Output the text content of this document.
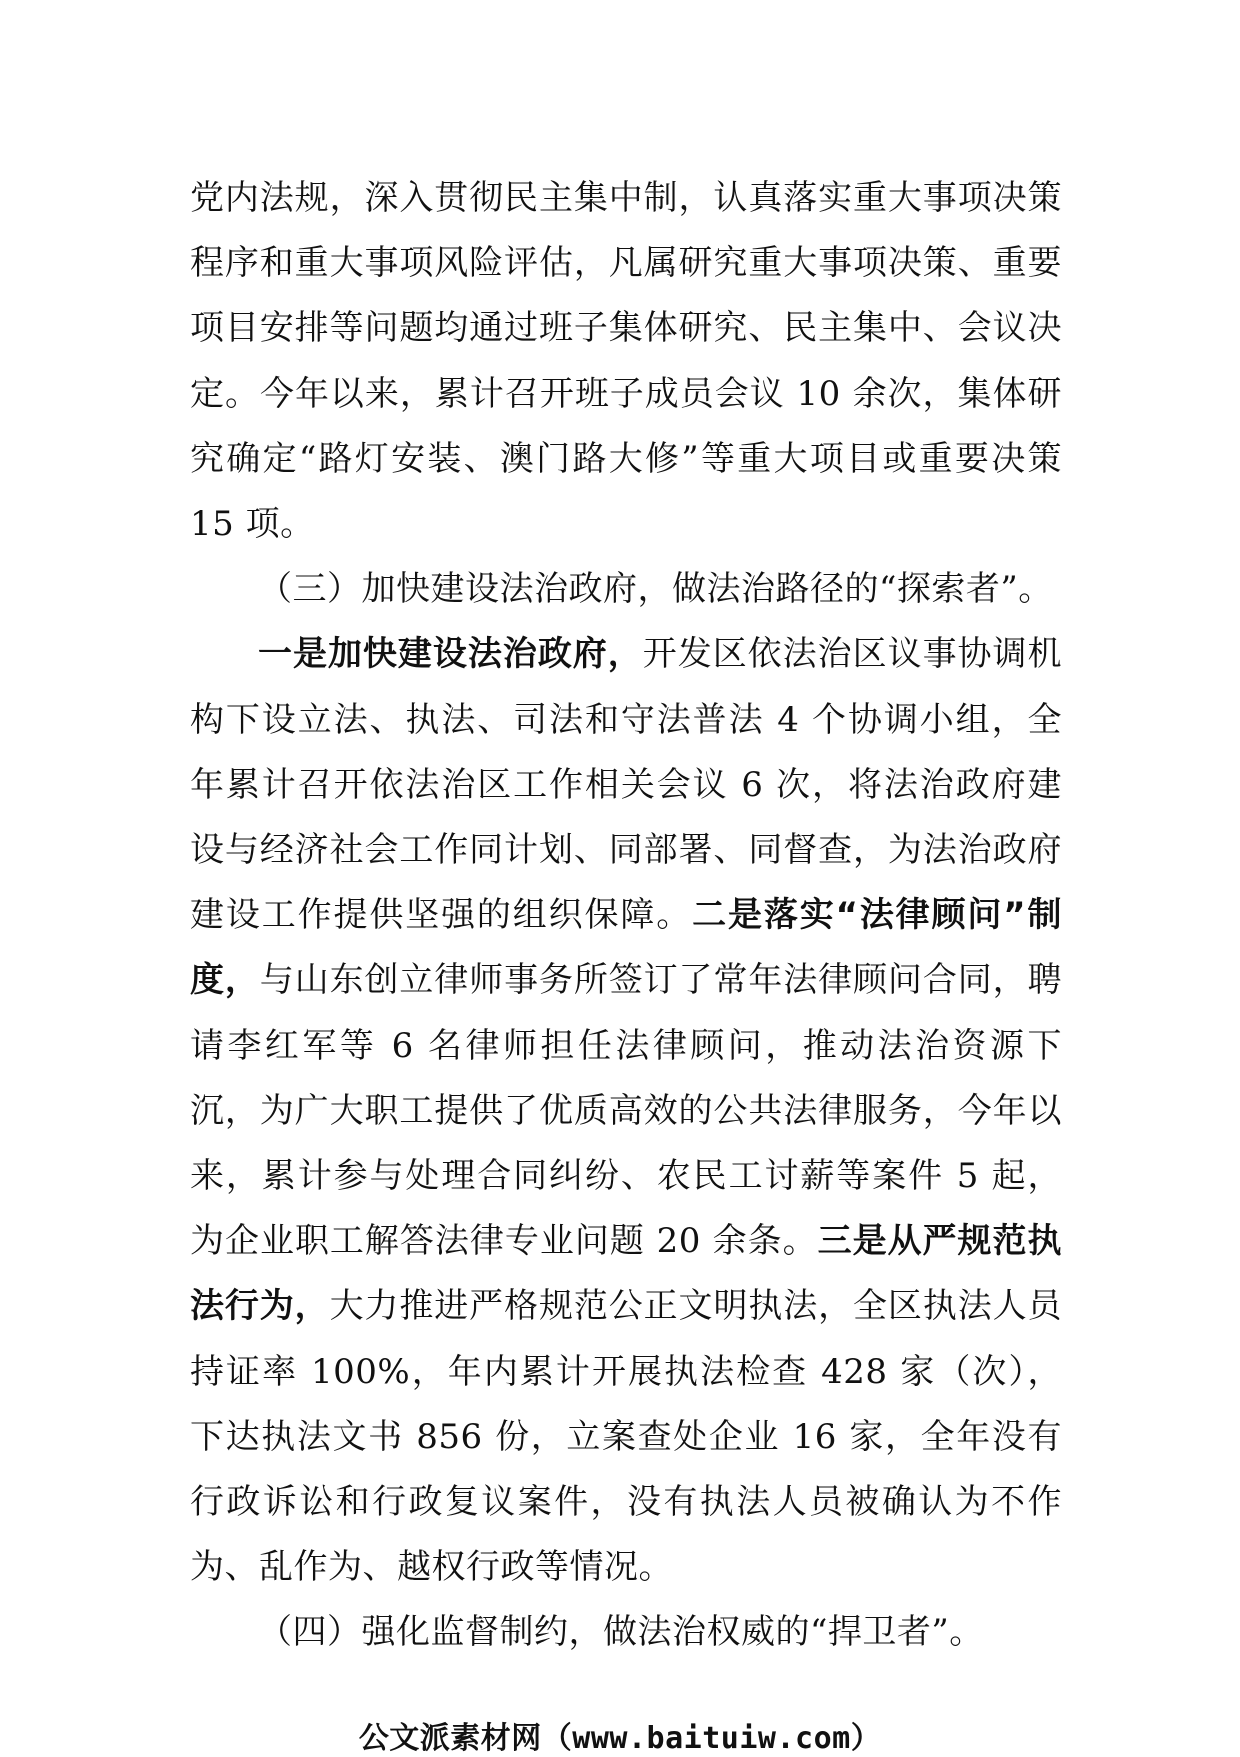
党内法规，深入贯彻民主集中制，认真落实重大事项决策程序和重大事项风险评估，凡属研究重大事项决策、重要项目安排等问题均通过班子集体研究、民主集中、会议决定。今年以来，累计召开班子成员会议 10 余次，集体研究确定“路灯安装、澳门路大修”等重大项目或重要决策 15 项。

（三）加快建设法治政府，做法治路径的“探索者”。

一是加快建设法治政府，开发区依法治区议事协调机构下设立法、执法、司法和守法普法 4 个协调小组，全年累计召开依法治区工作相关会议 6 次，将法治政府建设与经济社会工作同计划、同部署、同督查，为法治政府建设工作提供坚强的组织保障。二是落实“法律顾问”制度，与山东创立律师事务所签订了常年法律顾问合同，聘请李红军等 6 名律师担任法律顾问，推动法治资源下沉，为广大职工提供了优质高效的公共法律服务，今年以来，累计参与处理合同纠纷、农民工讨薪等案件 5 起，为企业职工解答法律专业问题 20 余条。三是从严规范执法行为，大力推进严格规范公正文明执法，全区执法人员持证率 100%，年内累计开展执法检查 428 家（次），下达执法文书 856 份，立案查处企业 16 家，全年没有行政诉讼和行政复议案件，没有执法人员被确认为不作为、乱作为、越权行政等情况。

（四）强化监督制约，做法治权威的“捍卫者”。

公文派素材网（www.baituiw.com）
